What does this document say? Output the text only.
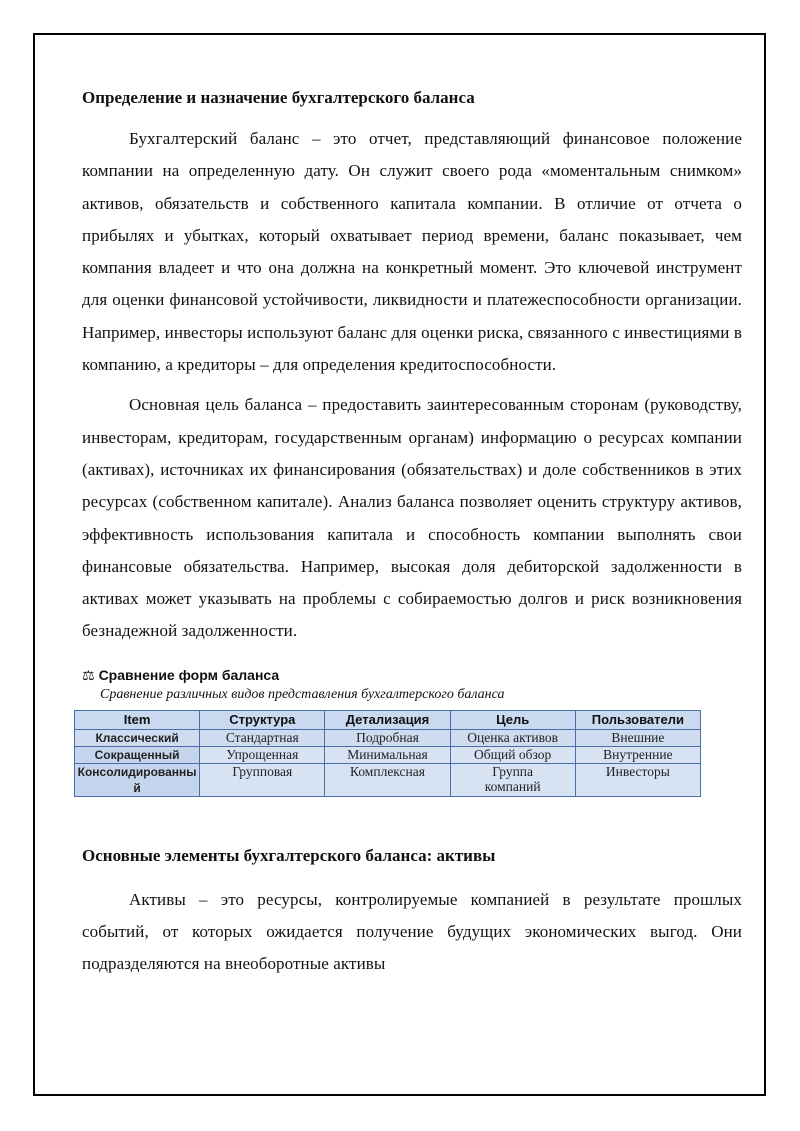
Определение и назначение бухгалтерского баланса

Бухгалтерский баланс – это отчет, представляющий финансовое положение компании на определенную дату. Он служит своего рода «моментальным снимком» активов, обязательств и собственного капитала компании. В отличие от отчета о прибылях и убытках, который охватывает период времени, баланс показывает, чем компания владеет и что она должна на конкретный момент. Это ключевой инструмент для оценки финансовой устойчивости, ликвидности и платежеспособности организации. Например, инвесторы используют баланс для оценки риска, связанного с инвестициями в компанию, а кредиторы – для определения кредитоспособности.

Основная цель баланса – предоставить заинтересованным сторонам (руководству, инвесторам, кредиторам, государственным органам) информацию о ресурсах компании (активах), источниках их финансирования (обязательствах) и доле собственников в этих ресурсах (собственном капитале). Анализ баланса позволяет оценить структуру активов, эффективность использования капитала и способность компании выполнять свои финансовые обязательства. Например, высокая доля дебиторской задолженности в активах может указывать на проблемы с собираемостью долгов и риск возникновения безнадежной задолженности.

⚖ Сравнение форм баланса
Сравнение различных видов представления бухгалтерского баланса
Item	Структура	Детализация	Цель	Пользователи
Классический	Стандартная	Подробная	Оценка активов	Внешние
Сокращенный	Упрощенная	Минимальная	Общий обзор	Внутренние
Консолидированный	Групповая	Комплексная	Группа компаний	Инвесторы
Основные элементы бухгалтерского баланса: активы

Активы – это ресурсы, контролируемые компанией в результате прошлых событий, от которых ожидается получение будущих экономических выгод. Они подразделяются на внеоборотные активы
